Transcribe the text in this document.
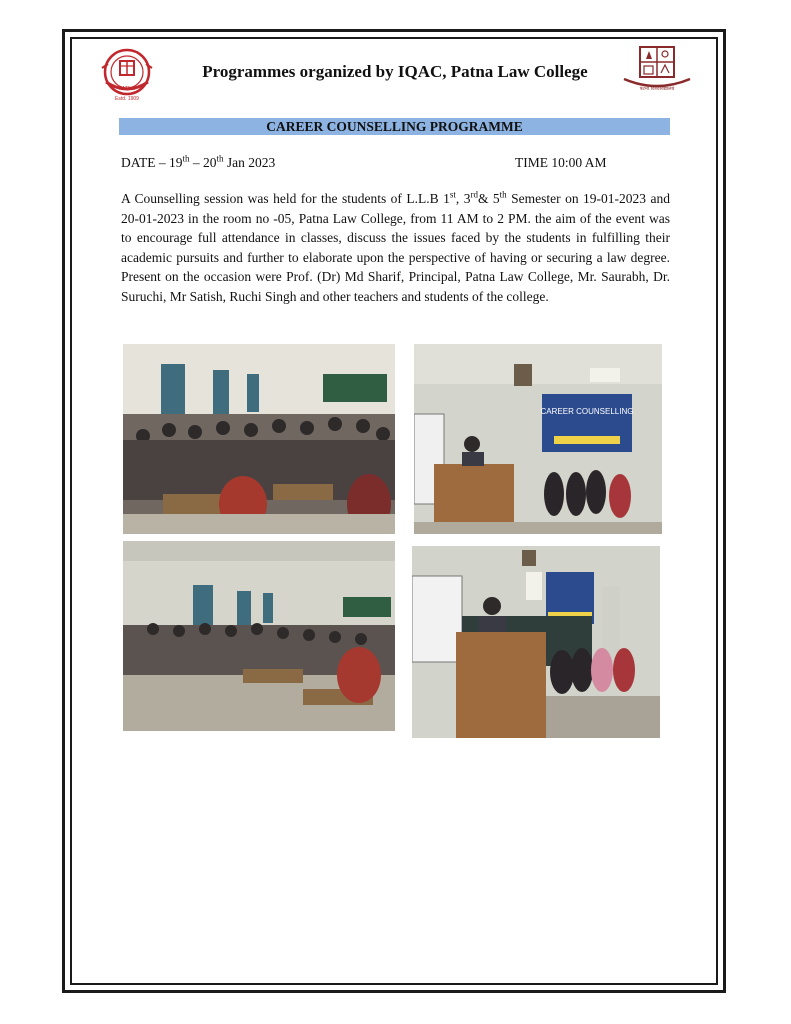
PATNA
Estd. 1909
पटना विश्वविद्यालय
Programmes organized by IQAC, Patna Law College
CAREER COUNSELLING PROGRAMME
DATE – 19th – 20th Jan 2023	TIME 10:00 AM
A Counselling session was held for the students of L.L.B 1st, 3rd& 5th Semester on 19-01-2023 and 20-01-2023 in the room no -05, Patna Law College, from 11 AM to 2 PM. the aim of the event was to encourage full attendance in classes, discuss the issues faced by the students in fulfilling their academic pursuits and further to elaborate upon the perspective of having or securing a law degree. Present on the occasion were Prof. (Dr) Md Sharif, Principal, Patna Law College, Mr. Saurabh, Dr. Suruchi, Mr Satish, Ruchi Singh and other teachers and students of the college.
CAREER COUNSELLING
